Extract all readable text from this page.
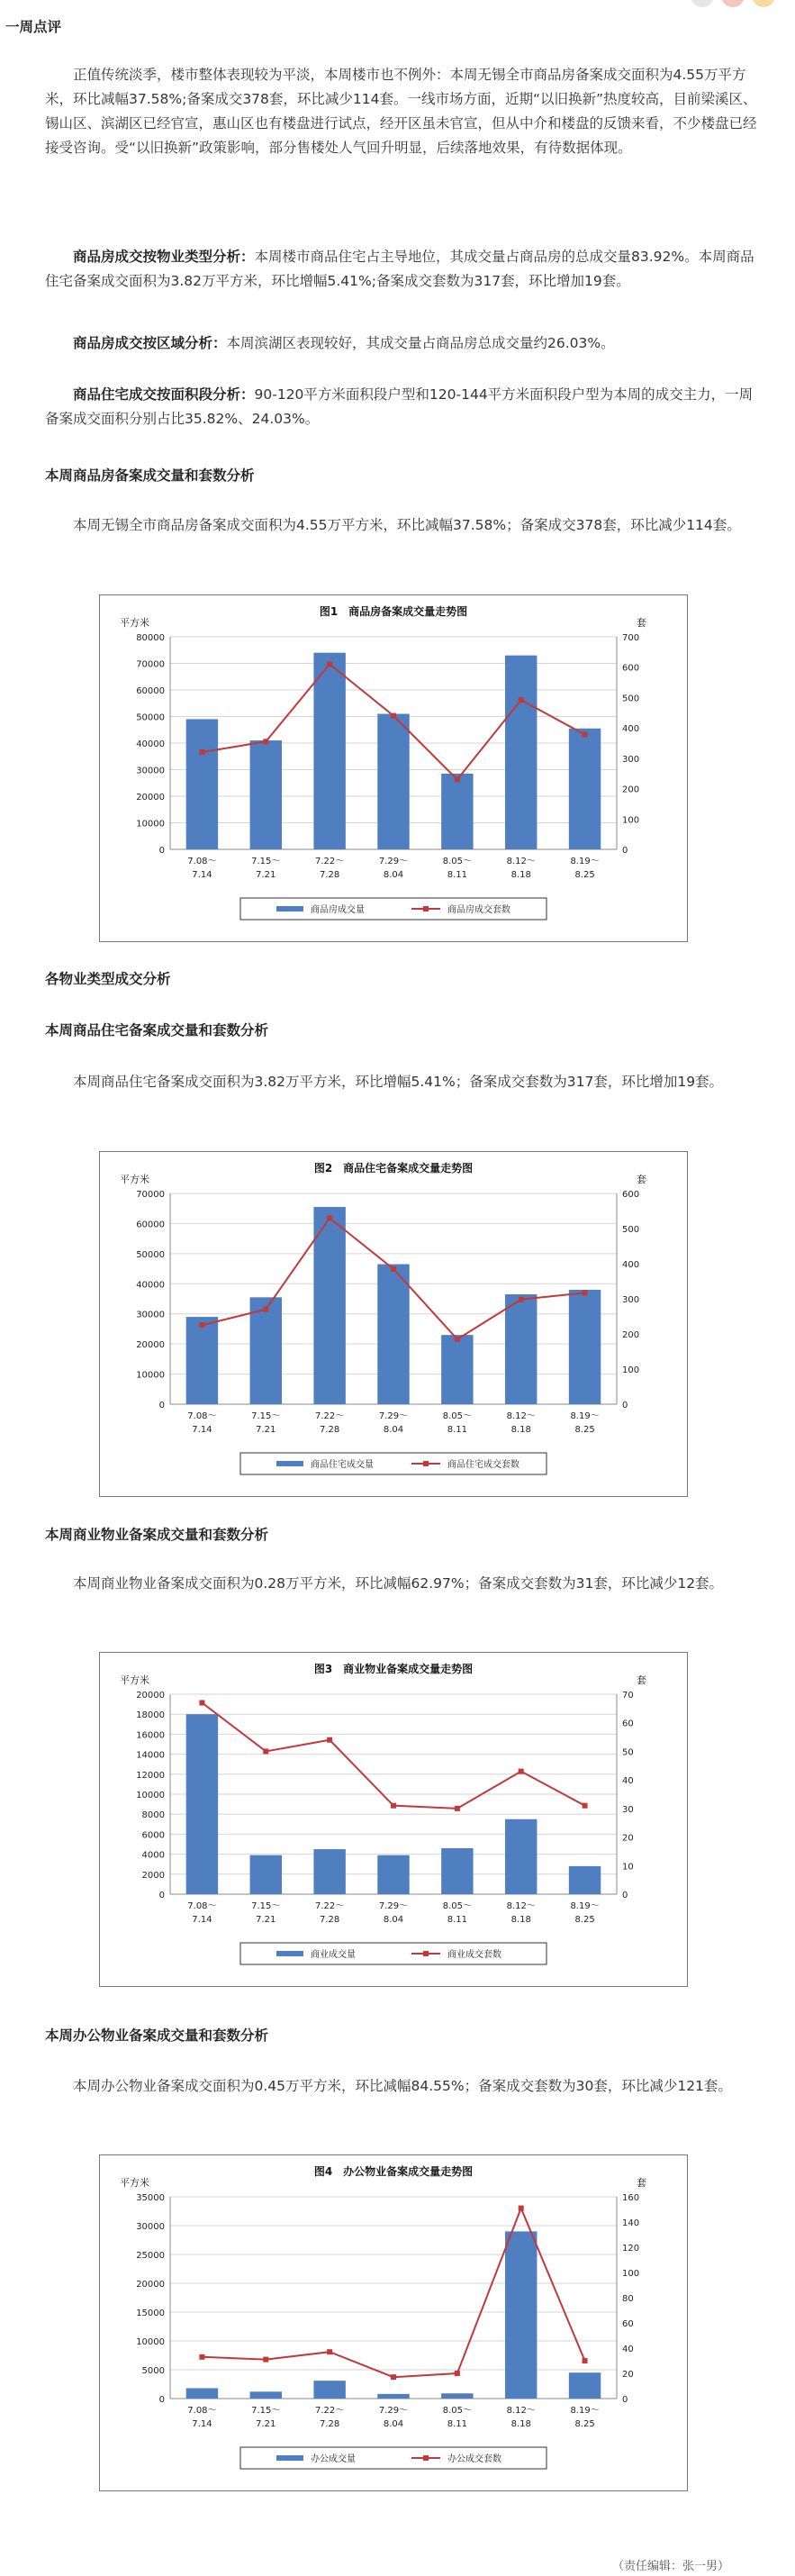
一周点评
正值传统淡季，楼市整体表现较为平淡，本周楼市也不例外：本周无锡全市商品房备案成交面积为4.55万平方米，环比减幅37.58%;备案成交378套，环比减少114套。一线市场方面，近期“以旧换新”热度较高，目前梁溪区、锡山区、滨湖区已经官宣，惠山区也有楼盘进行试点，经开区虽未官宣，但从中介和楼盘的反馈来看，不少楼盘已经接受咨询。受“以旧换新”政策影响，部分售楼处人气回升明显，后续落地效果，有待数据体现。
商品房成交按物业类型分析：本周楼市商品住宅占主导地位，其成交量占商品房的总成交量83.92%。本周商品住宅备案成交面积为3.82万平方米，环比增幅5.41%;备案成交套数为317套，环比增加19套。
商品房成交按区域分析：本周滨湖区表现较好，其成交量占商品房总成交量约26.03%。
商品住宅成交按面积段分析：90-120平方米面积段户型和120-144平方米面积段户型为本周的成交主力，一周备案成交面积分别占比35.82%、24.03%。
本周商品房备案成交量和套数分析
本周无锡全市商品房备案成交面积为4.55万平方米，环比减幅37.58%；备案成交378套，环比减少114套。
图1　商品房备案成交量走势图
平方米	套
0
10000
20000
30000
40000
50000
60000
70000
80000
0
100
200
300
400
500
600
700
7.08～
7.14
7.15～
7.21
7.22～
7.28
7.29～
8.04
8.05～
8.11
8.12～
8.18
8.19～
8.25
商品房成交量	商品房成交套数
各物业类型成交分析
本周商品住宅备案成交量和套数分析
本周商品住宅备案成交面积为3.82万平方米，环比增幅5.41%；备案成交套数为317套，环比增加19套。
图2　商品住宅备案成交量走势图
平方米	套
0
10000
20000
30000
40000
50000
60000
70000
0
100
200
300
400
500
600
7.08～
7.14
7.15～
7.21
7.22～
7.28
7.29～
8.04
8.05～
8.11
8.12～
8.18
8.19～
8.25
商品住宅成交量	商品住宅成交套数
本周商业物业备案成交量和套数分析
本周商业物业备案成交面积为0.28万平方米，环比减幅62.97%；备案成交套数为31套，环比减少12套。
图3　商业物业备案成交量走势图
平方米	套
0
2000
4000
6000
8000
10000
12000
14000
16000
18000
20000
0
10
20
30
40
50
60
70
7.08～
7.14
7.15～
7.21
7.22～
7.28
7.29～
8.04
8.05～
8.11
8.12～
8.18
8.19～
8.25
商业成交量	商业成交套数
本周办公物业备案成交量和套数分析
本周办公物业备案成交面积为0.45万平方米，环比减幅84.55%；备案成交套数为30套，环比减少121套。
图4　办公物业备案成交量走势图
平方米	套
0
5000
10000
15000
20000
25000
30000
35000
0
20
40
60
80
100
120
140
160
7.08～
7.14
7.15～
7.21
7.22～
7.28
7.29～
8.04
8.05～
8.11
8.12～
8.18
8.19～
8.25
办公成交量	办公成交套数
（责任编辑：张一男）
